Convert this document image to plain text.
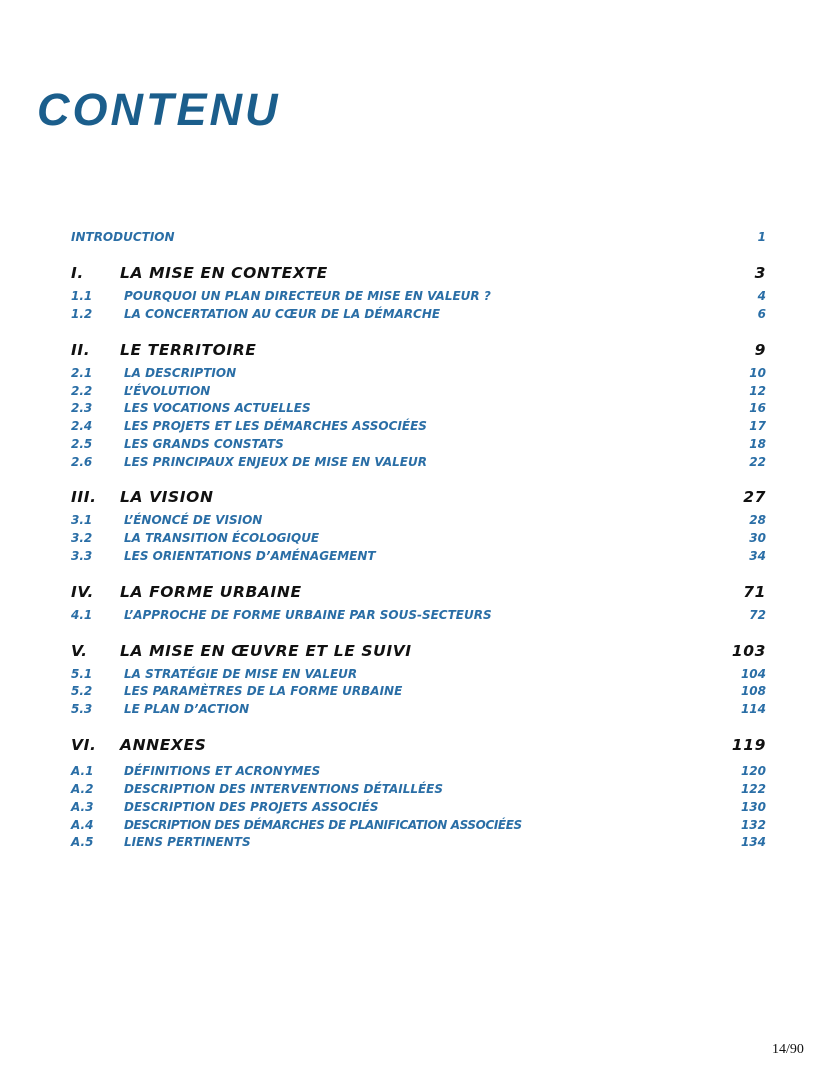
CONTENU
INTRODUCTION	1
I. LA MISE EN CONTEXTE	3
1.1	POURQUOI UN PLAN DIRECTEUR DE MISE EN VALEUR ?	4
1.2	LA CONCERTATION AU CŒUR DE LA DÉMARCHE	6
II. LE TERRITOIRE	9
2.1	LA DESCRIPTION	10
2.2	L’ÉVOLUTION	12
2.3	LES VOCATIONS ACTUELLES	16
2.4	LES PROJETS ET LES DÉMARCHES ASSOCIÉES	17
2.5	LES GRANDS CONSTATS	18
2.6	LES PRINCIPAUX ENJEUX DE MISE EN VALEUR	22
III. LA VISION	27
3.1	L’ÉNONCÉ DE VISION	28
3.2	LA TRANSITION ÉCOLOGIQUE	30
3.3	LES ORIENTATIONS D’AMÉNAGEMENT	34
IV. LA FORME URBAINE	71
4.1	L’APPROCHE DE FORME URBAINE PAR SOUS-SECTEURS	72
V. LA MISE EN ŒUVRE ET LE SUIVI	103
5.1	LA STRATÉGIE DE MISE EN VALEUR	104
5.2	LES PARAMÈTRES DE LA FORME URBAINE	108
5.3	LE PLAN D’ACTION	114
VI. ANNEXES	119
A.1	DÉFINITIONS ET ACRONYMES	120
A.2	DESCRIPTION DES INTERVENTIONS DÉTAILLÉES	122
A.3	DESCRIPTION DES PROJETS ASSOCIÉS	130
A.4	DESCRIPTION DES DÉMARCHES DE PLANIFICATION ASSOCIÉES	132
A.5	LIENS PERTINENTS	134
14/90
